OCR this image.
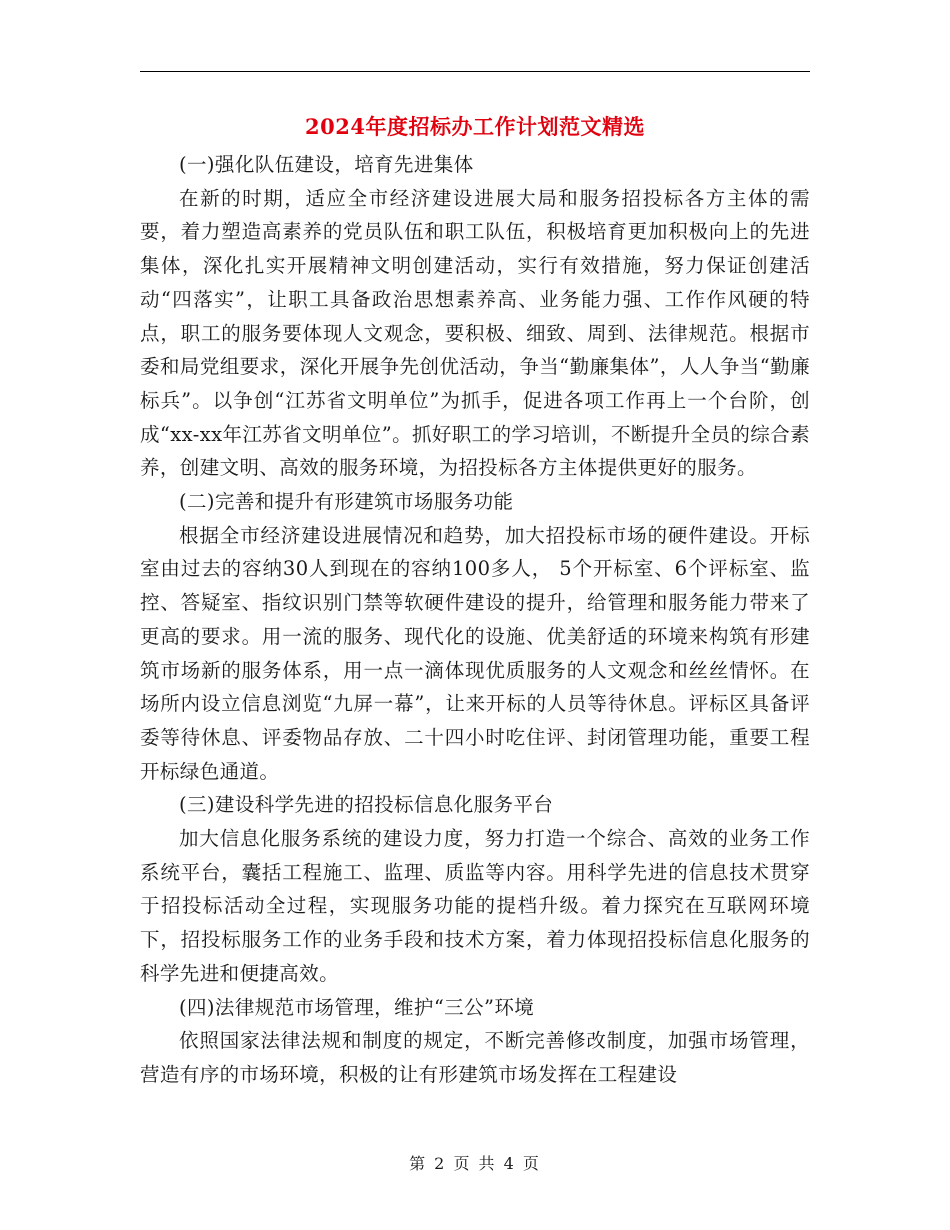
2024年度招标办工作计划范文精选

(一)强化队伍建设，培育先进集体

在新的时期，适应全市经济建设进展大局和服务招投标各方主体的需要，着力塑造高素养的党员队伍和职工队伍，积极培育更加积极向上的先进集体，深化扎实开展精神文明创建活动，实行有效措施，努力保证创建活动“四落实”，让职工具备政治思想素养高、业务能力强、工作作风硬的特点，职工的服务要体现人文观念，要积极、细致、周到、法律规范。根据市委和局党组要求，深化开展争先创优活动，争当“勤廉集体”，人人争当“勤廉标兵”。以争创“江苏省文明单位”为抓手，促进各项工作再上一个台阶，创成“xx-xx年江苏省文明单位”。抓好职工的学习培训，不断提升全员的综合素养，创建文明、高效的服务环境，为招投标各方主体提供更好的服务。

(二)完善和提升有形建筑市场服务功能

根据全市经济建设进展情况和趋势，加大招投标市场的硬件建设。开标室由过去的容纳30人到现在的容纳100多人， 5个开标室、6个评标室、监控、答疑室、指纹识别门禁等软硬件建设的提升，给管理和服务能力带来了更高的要求。用一流的服务、现代化的设施、优美舒适的环境来构筑有形建筑市场新的服务体系，用一点一滴体现优质服务的人文观念和丝丝情怀。在场所内设立信息浏览“九屏一幕”，让来开标的人员等待休息。评标区具备评委等待休息、评委物品存放、二十四小时吃住评、封闭管理功能，重要工程开标绿色通道。

(三)建设科学先进的招投标信息化服务平台

加大信息化服务系统的建设力度，努力打造一个综合、高效的业务工作系统平台，囊括工程施工、监理、质监等内容。用科学先进的信息技术贯穿于招投标活动全过程，实现服务功能的提档升级。着力探究在互联网环境下，招投标服务工作的业务手段和技术方案，着力体现招投标信息化服务的科学先进和便捷高效。

(四)法律规范市场管理，维护“三公”环境

依照国家法律法规和制度的规定，不断完善修改制度，加强市场管理，营造有序的市场环境，积极的让有形建筑市场发挥在工程建设

第 2 页 共 4 页
